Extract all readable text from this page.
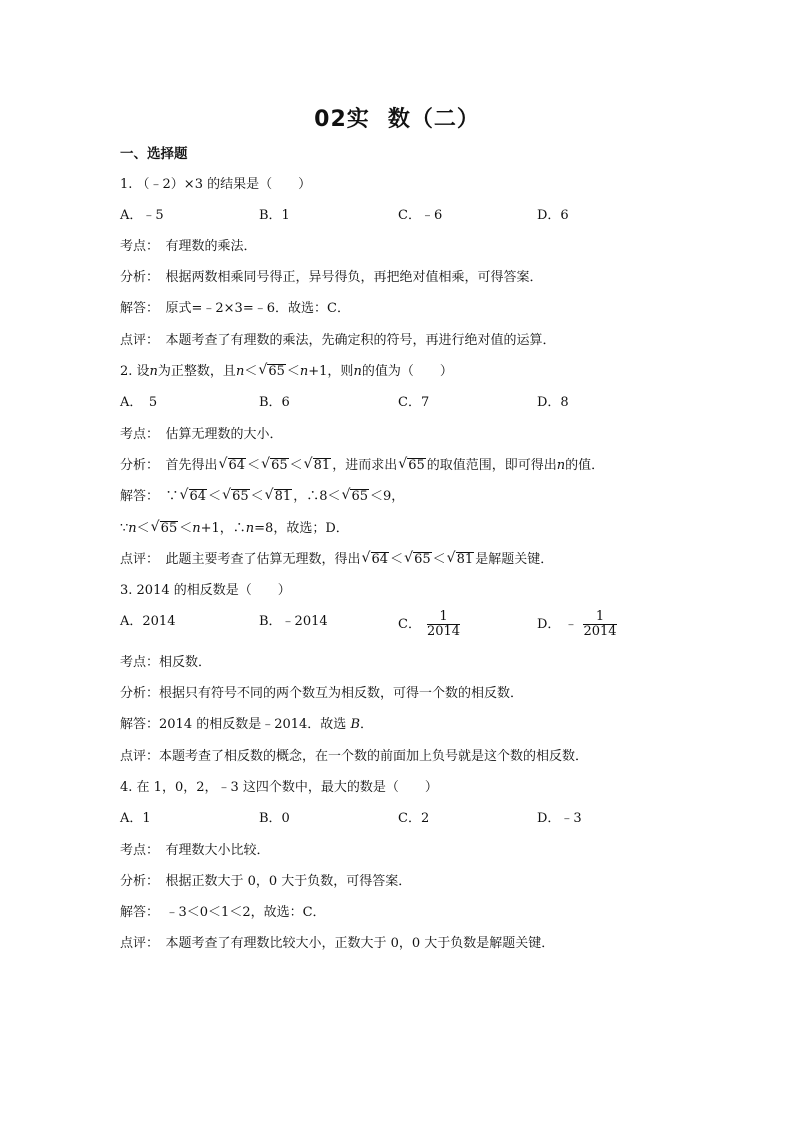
02实 数（二）
一、选择题
1. （﹣2）×3 的结果是（　　）
A．﹣5	B．1	C．﹣6	D．6
考点：　有理数的乘法．
分析：　根据两数相乘同号得正，异号得负，再把绝对值相乘，可得答案．
解答：　原式=﹣2×3=﹣6．故选：C．
点评：　本题考查了有理数的乘法，先确定积的符号，再进行绝对值的运算．
2. 设n为正整数，且n＜ √ 65 ＜n+1，则n的值为（　　）
A．　5	B．6	C．7	D．8
考点：　估算无理数的大小．
分析：　首先得出 √ 64 ＜ √ 65 ＜ √ 81 ，进而求出 √ 65 的取值范围，即可得出n的值．
解答：　∵ √ 64 ＜ √ 65 ＜ √ 81 ，∴8＜ √ 65 ＜9，
∵n＜ √ 65 ＜n+1，∴n=8，故选；D．
点评：　此题主要考查了估算无理数，得出 √ 64 ＜ √ 65 ＜ √ 81 是解题关键．
3. 2014 的相反数是（　　）
A．2014	B．﹣2014	C． $\frac{1}{2014}$	D． ﹣ $\frac{1}{2014}$
考点：相反数．
分析：根据只有符号不同的两个数互为相反数，可得一个数的相反数．
解答：2014 的相反数是﹣2014．故选 B．
点评：本题考查了相反数的概念，在一个数的前面加上负号就是这个数的相反数．
4. 在 1，0，2，﹣3 这四个数中，最大的数是（　　）
A．1	B．0	C．2	D．﹣3
考点：　有理数大小比较．
分析：　根据正数大于 0，0 大于负数，可得答案．
解答：　﹣3＜0＜1＜2，故选：C．
点评：　本题考查了有理数比较大小，正数大于 0，0 大于负数是解题关键．
